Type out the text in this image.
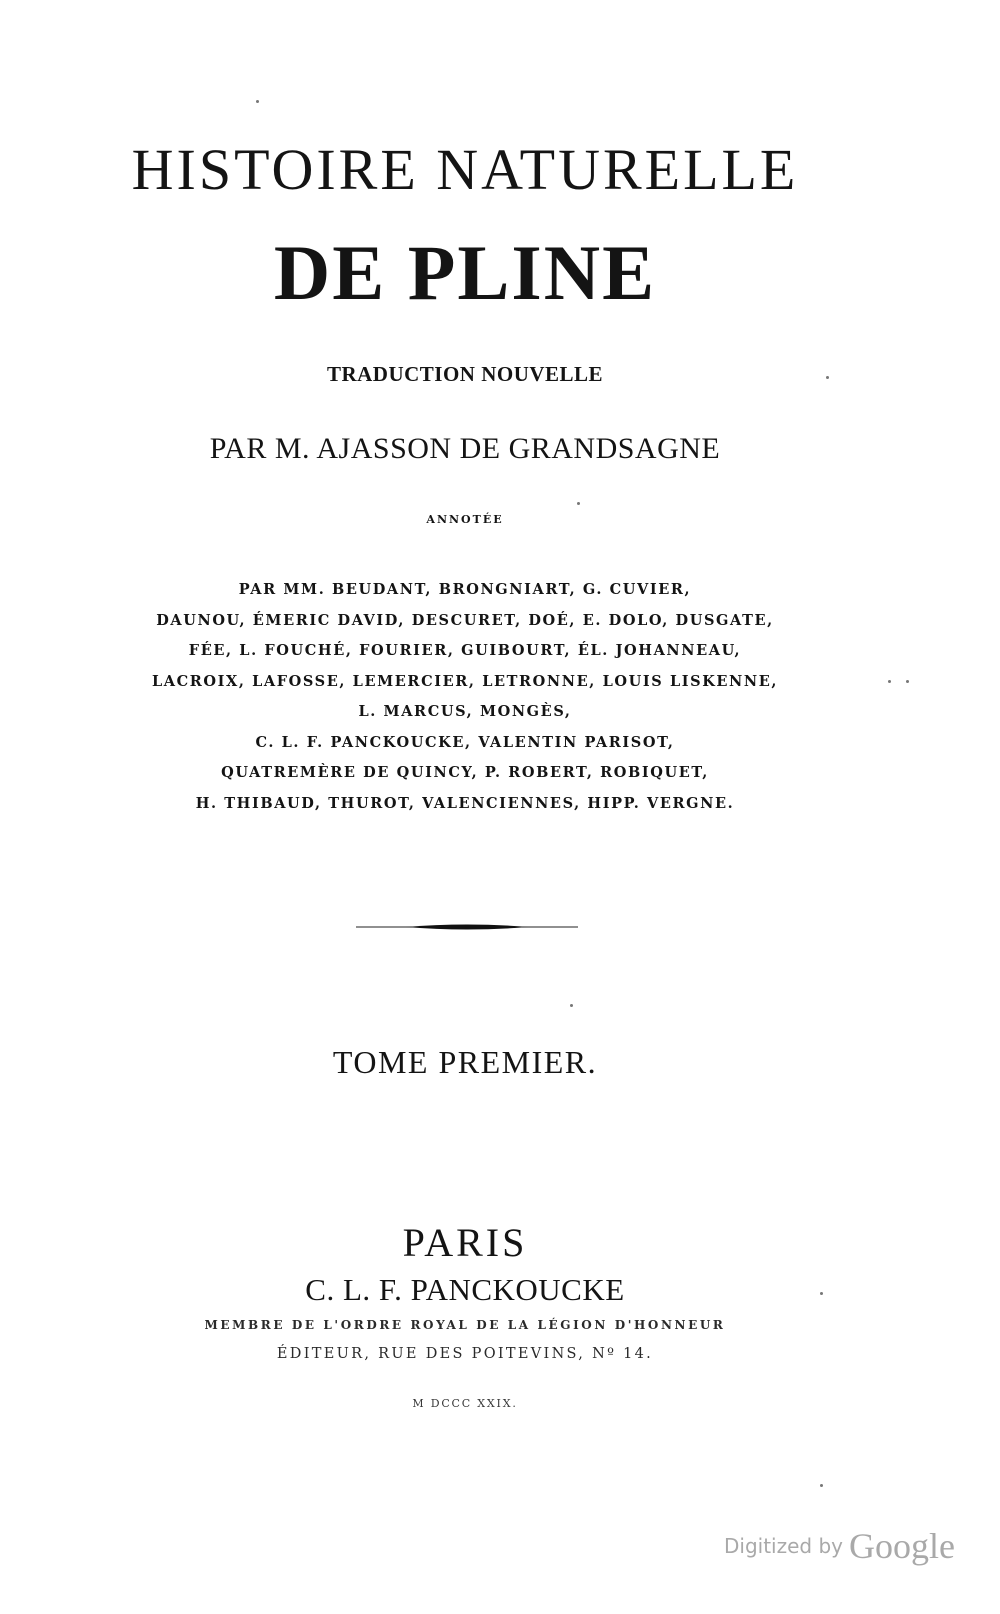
HISTOIRE NATURELLE
DE PLINE
TRADUCTION NOUVELLE
PAR M. AJASSON DE GRANDSAGNE
ANNOTÉE
PAR MM. BEUDANT, BRONGNIART, G. CUVIER,
DAUNOU, ÉMERIC DAVID, DESCURET, DOÉ, E. DOLO, DUSGATE,
FÉE, L. FOUCHÉ, FOURIER, GUIBOURT, ÉL. JOHANNEAU,
LACROIX, LAFOSSE, LEMERCIER, LETRONNE, LOUIS LISKENNE,
L. MARCUS, MONGÈS,
C. L. F. PANCKOUCKE, VALENTIN PARISOT,
QUATREMÈRE DE QUINCY, P. ROBERT, ROBIQUET,
H. THIBAUD, THUROT, VALENCIENNES, HIPP. VERGNE.
TOME PREMIER.
PARIS
C. L. F. PANCKOUCKE
MEMBRE DE L'ORDRE ROYAL DE LA LÉGION D'HONNEUR
ÉDITEUR, RUE DES POITEVINS, Nº 14.
M DCCC XXIX.
Digitized by Google
